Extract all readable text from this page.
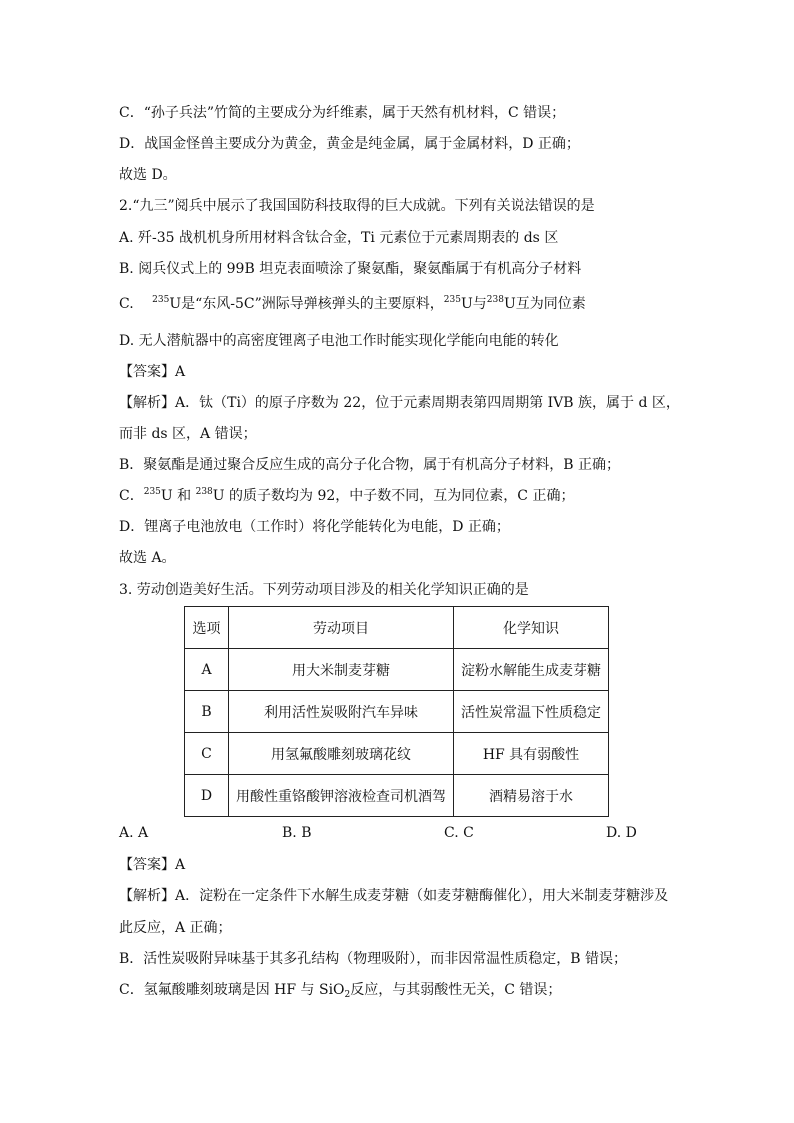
C．“孙子兵法”竹简的主要成分为纤维素，属于天然有机材料，C 错误；
D．战国金怪兽主要成分为黄金，黄金是纯金属，属于金属材料，D 正确；
故选 D。
2.“九三”阅兵中展示了我国国防科技取得的巨大成就。下列有关说法错误的是
A. 歼-35 战机机身所用材料含钛合金，Ti 元素位于元素周期表的 ds 区
B. 阅兵仪式上的 99B 坦克表面喷涂了聚氨酯，聚氨酯属于有机高分子材料
C. $^{235}$U是“东风-5C”洲际导弹核弹头的主要原料，$^{235}$U与$^{238}$U互为同位素
D. 无人潜航器中的高密度锂离子电池工作时能实现化学能向电能的转化
【答案】A
【解析】A．钛（Ti）的原子序数为 22，位于元素周期表第四周期第 IVB 族，属于 d 区，
而非 ds 区，A 错误；
B．聚氨酯是通过聚合反应生成的高分子化合物，属于有机高分子材料，B 正确；
C．$^{235}$U 和 $^{238}$U 的质子数均为 92，中子数不同，互为同位素，C 正确；
D．锂离子电池放电（工作时）将化学能转化为电能，D 正确；
故选 A。
3. 劳动创造美好生活。下列劳动项目涉及的相关化学知识正确的是
选项	劳动项目	化学知识
A	用大米制麦芽糖	淀粉水解能生成麦芽糖
B	利用活性炭吸附汽车异味	活性炭常温下性质稳定
C	用氢氟酸雕刻玻璃花纹	HF 具有弱酸性
D	用酸性重铬酸钾溶液检查司机酒驾	酒精易溶于水
A. A	B. B	C. C	D. D
【答案】A
【解析】A．淀粉在一定条件下水解生成麦芽糖（如麦芽糖酶催化），用大米制麦芽糖涉及
此反应，A 正确；
B．活性炭吸附异味基于其多孔结构（物理吸附），而非因常温性质稳定，B 错误；
C．氢氟酸雕刻玻璃是因 HF 与 SiO$_2$反应，与其弱酸性无关，C 错误；
